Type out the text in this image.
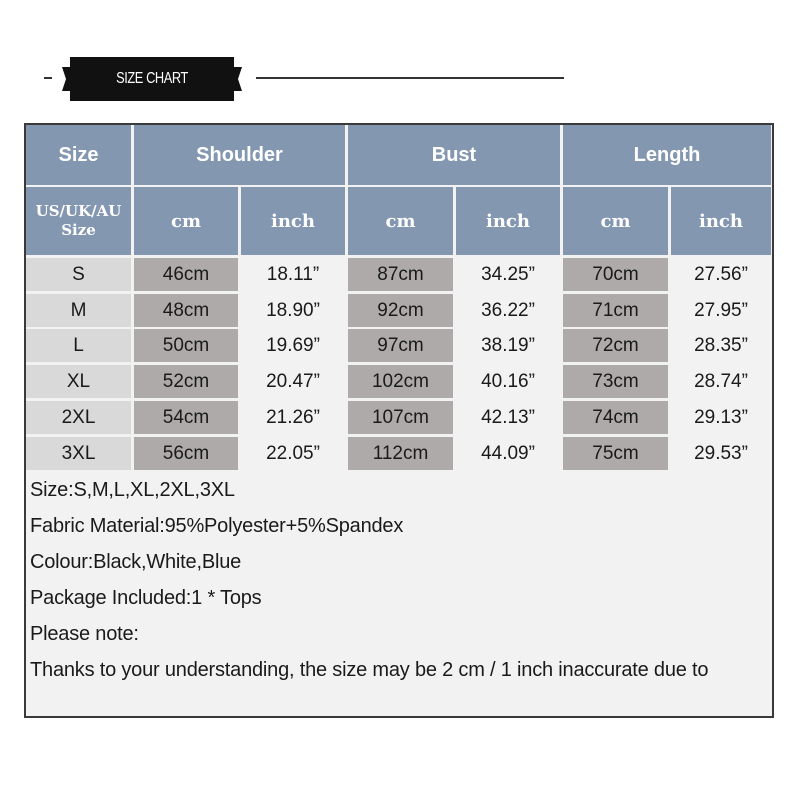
SIZE CHART
Size	Shoulder	Bust	Length
US/UK/AU
Size	cm	inch	cm	inch	cm	inch
S	46cm	18.11”	87cm	34.25”	70cm	27.56”
M	48cm	18.90”	92cm	36.22”	71cm	27.95”
L	50cm	19.69”	97cm	38.19”	72cm	28.35”
XL	52cm	20.47”	102cm	40.16”	73cm	28.74”
2XL	54cm	21.26”	107cm	42.13”	74cm	29.13”
3XL	56cm	22.05”	112cm	44.09”	75cm	29.53”
Size:S,M,L,XL,2XL,3XL
Fabric Material:95%Polyester+5%Spandex
Colour:Black,White,Blue
Package Included:1 * Tops
Please note:
Thanks to your understanding, the size may be 2 cm / 1 inch inaccurate due to
